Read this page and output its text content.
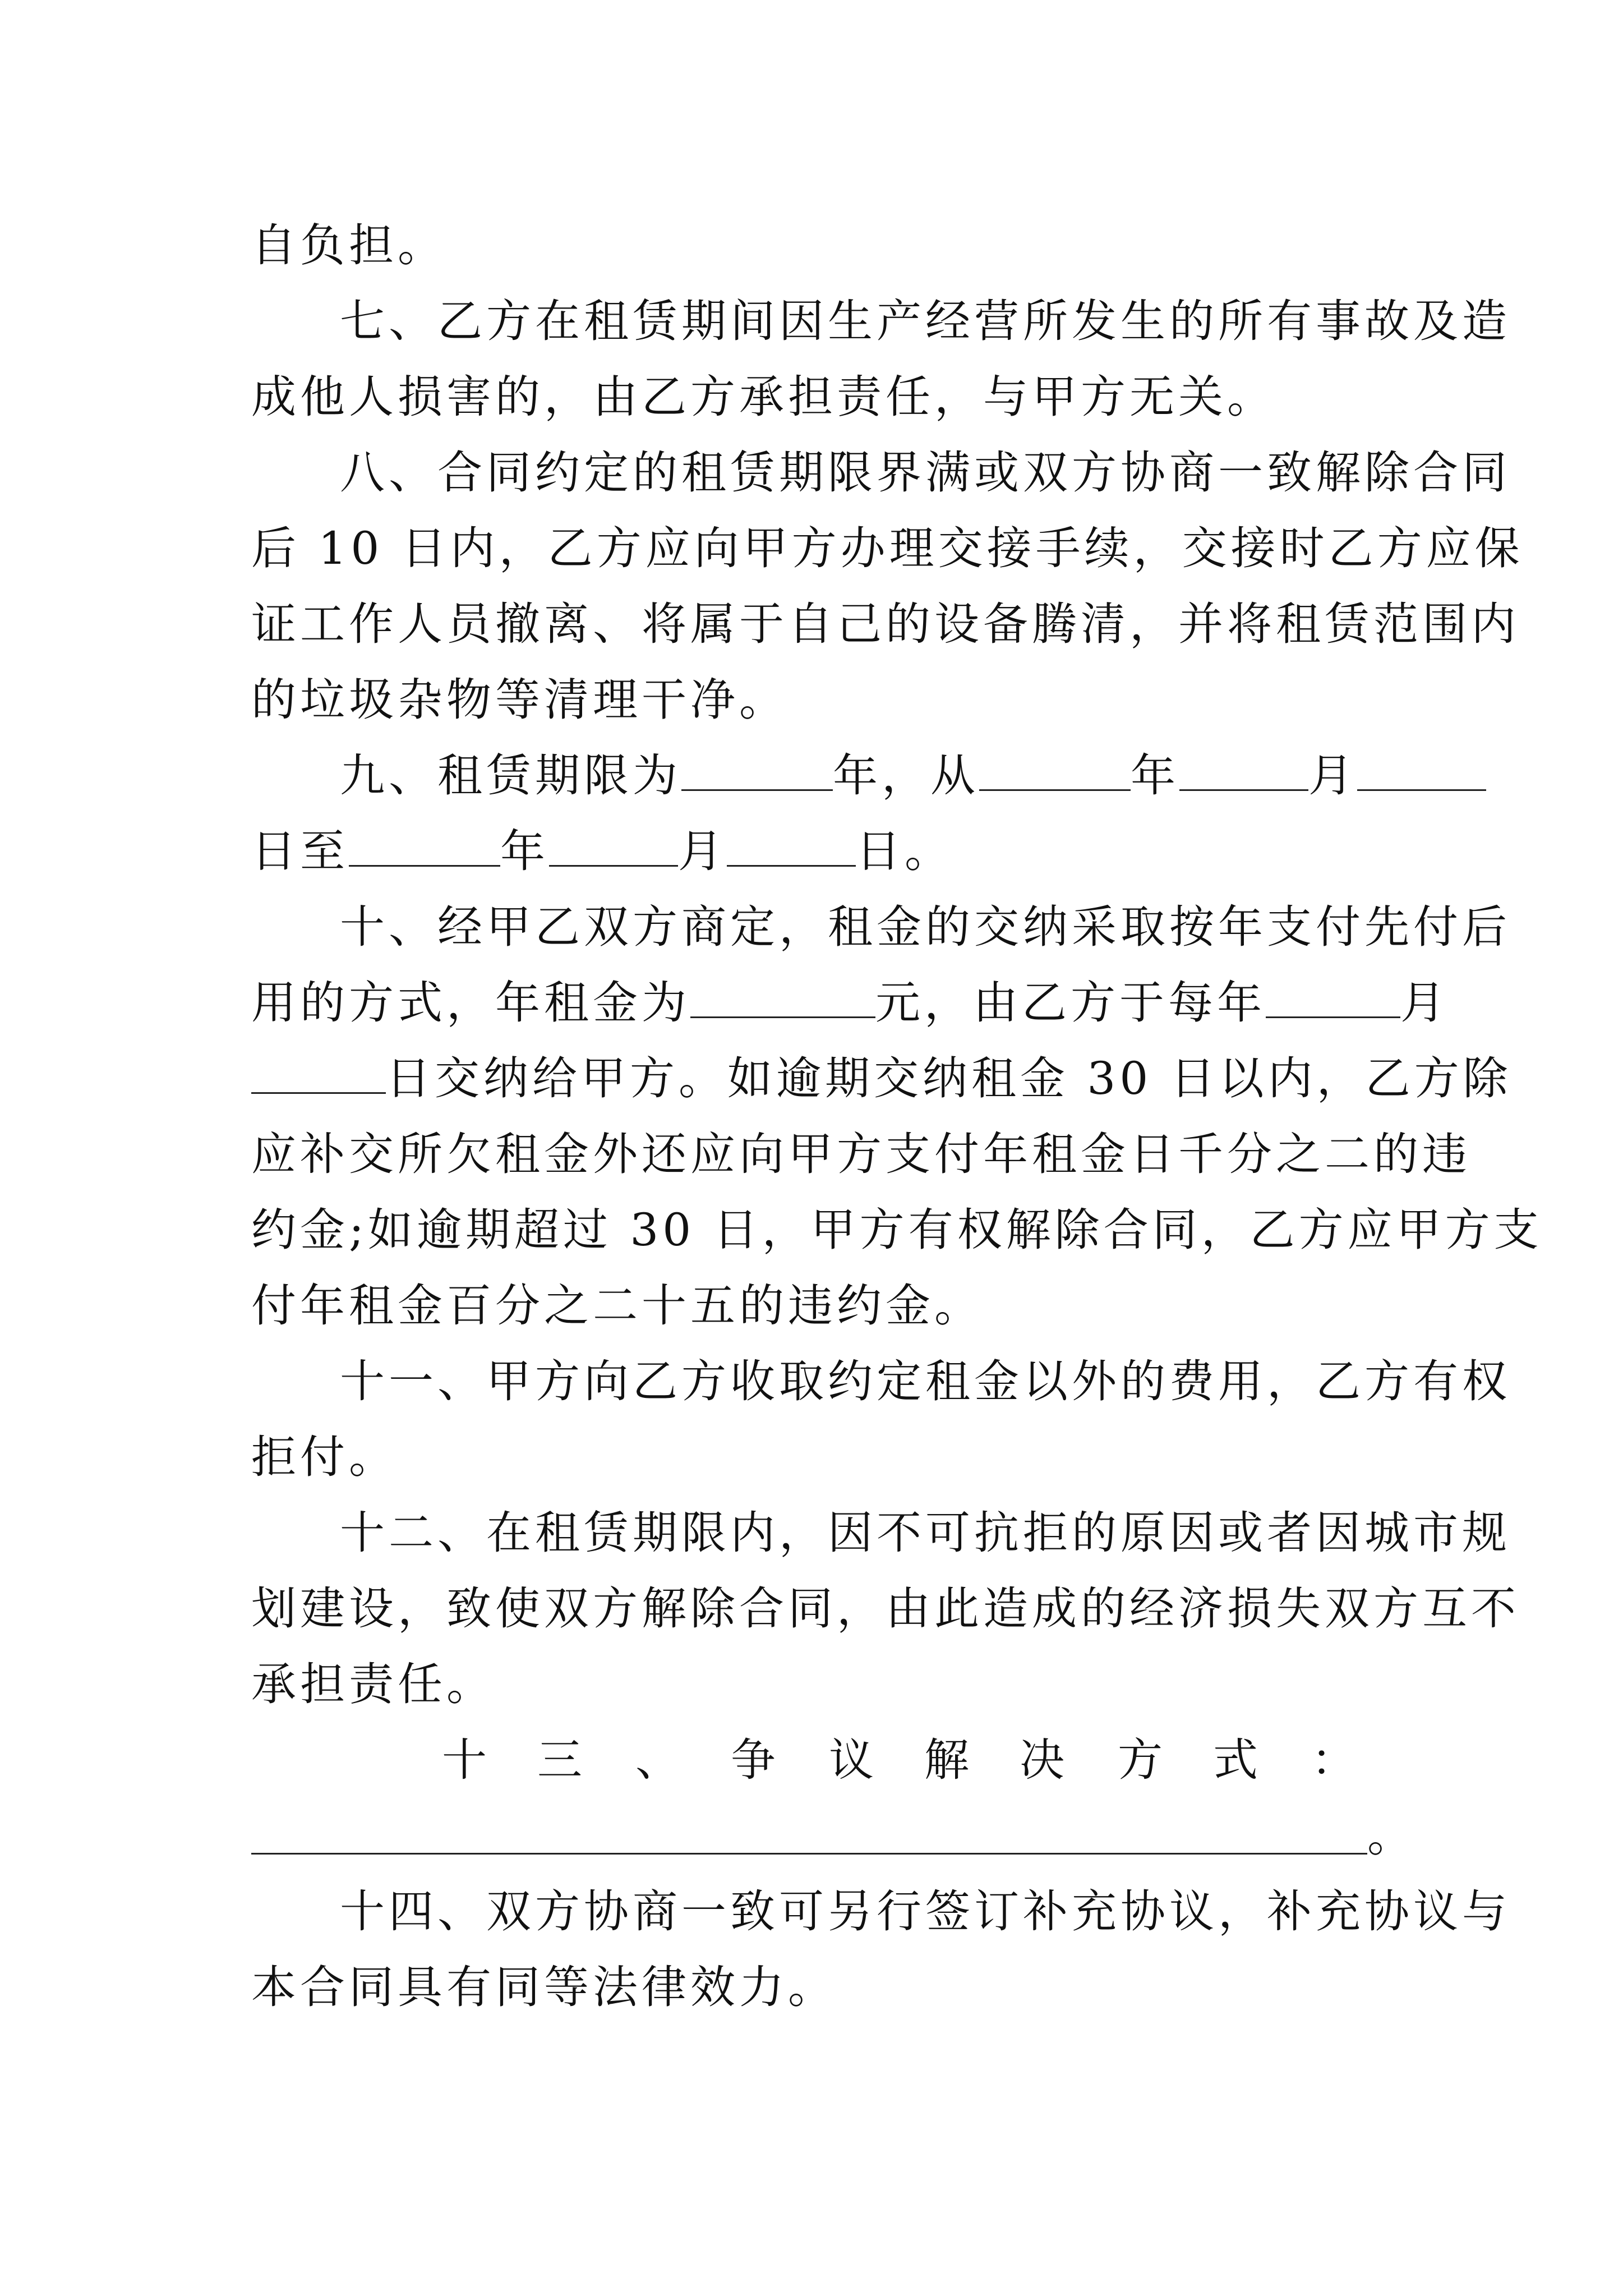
自负担。
七、乙方在租赁期间因生产经营所发生的所有事故及造
成他人损害的，由乙方承担责任，与甲方无关。
八、合同约定的租赁期限界满或双方协商一致解除合同
后 10 日内，乙方应向甲方办理交接手续，交接时乙方应保
证工作人员撤离、将属于自己的设备腾清，并将租赁范围内
的垃圾杂物等清理干净。
九、租赁期限为	年，从	年	月
日至	年	月	日。
十、经甲乙双方商定，租金的交纳采取按年支付先付后
用的方式，年租金为	元，由乙方于每年	月
日交纳给甲方。如逾期交纳租金 30 日以内，乙方除
应补交所欠租金外还应向甲方支付年租金日千分之二的违
约金;如逾期超过 30 日，甲方有权解除合同，乙方应甲方支
付年租金百分之二十五的违约金。
十一、甲方向乙方收取约定租金以外的费用，乙方有权
拒付。
十二、在租赁期限内，因不可抗拒的原因或者因城市规
划建设，致使双方解除合同，由此造成的经济损失双方互不
承担责任。
十 三 、 争 议 解 决 方 式 ：
。
十四、双方协商一致可另行签订补充协议，补充协议与
本合同具有同等法律效力。
